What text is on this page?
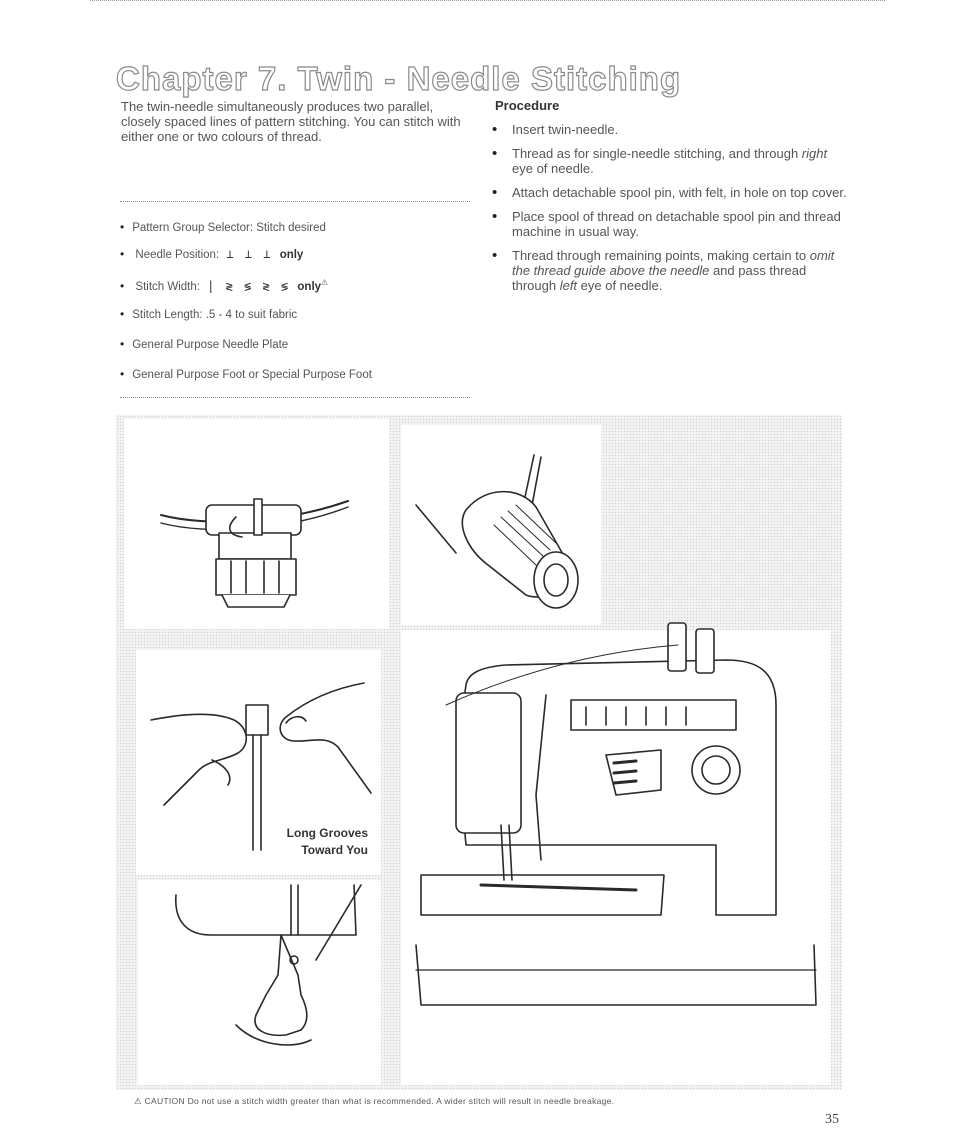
Chapter 7. Twin - Needle Stitching

The twin-needle simultaneously produces two parallel, closely spaced lines of pattern stitching. You can stitch with either one or two colours of thread.

• Pattern Group Selector: Stitch desired
• Needle Position: ⊥ ⊥ ⊥ only
• Stitch Width: | ≷ ≶ ≷ ≶ only⚠
• Stitch Length: .5 - 4 to suit fabric
• General Purpose Needle Plate
• General Purpose Foot or Special Purpose Foot
Procedure
• Insert twin-needle.
• Thread as for single-needle stitching, and through right eye of needle.
• Attach detachable spool pin, with felt, in hole on top cover.
• Place spool of thread on detachable spool pin and thread machine in usual way.
• Thread through remaining points, making certain to omit the thread guide above the needle and pass thread through left eye of needle.
Long Grooves
Toward You
⚠ CAUTION Do not use a stitch width greater than what is recommended. A wider stitch will result in needle breakage.
35
